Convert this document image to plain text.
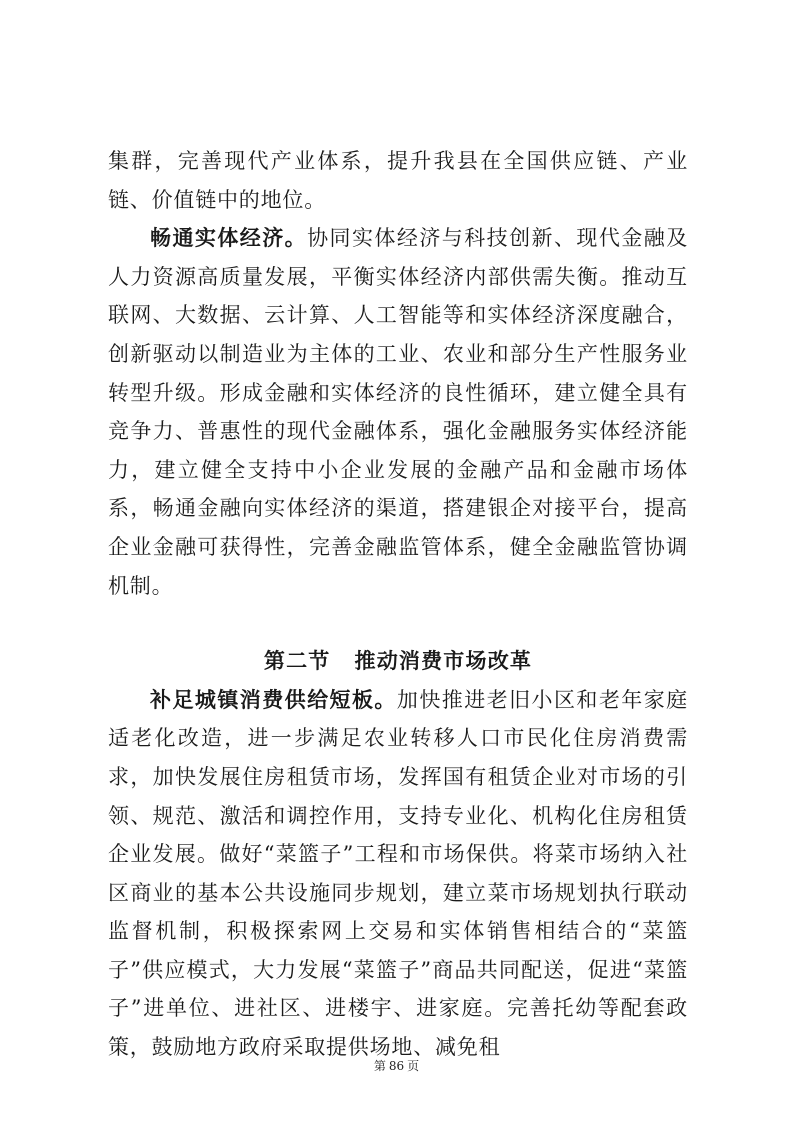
集群，完善现代产业体系，提升我县在全国供应链、产业链、价值链中的地位。

畅通实体经济。协同实体经济与科技创新、现代金融及人力资源高质量发展，平衡实体经济内部供需失衡。推动互联网、大数据、云计算、人工智能等和实体经济深度融合，创新驱动以制造业为主体的工业、农业和部分生产性服务业转型升级。形成金融和实体经济的良性循环，建立健全具有竞争力、普惠性的现代金融体系，强化金融服务实体经济能力，建立健全支持中小企业发展的金融产品和金融市场体系，畅通金融向实体经济的渠道，搭建银企对接平台，提高企业金融可获得性，完善金融监管体系，健全金融监管协调机制。

第二节 推动消费市场改革

补足城镇消费供给短板。加快推进老旧小区和老年家庭适老化改造，进一步满足农业转移人口市民化住房消费需求，加快发展住房租赁市场，发挥国有租赁企业对市场的引领、规范、激活和调控作用，支持专业化、机构化住房租赁企业发展。做好“菜篮子”工程和市场保供。将菜市场纳入社区商业的基本公共设施同步规划，建立菜市场规划执行联动监督机制，积极探索网上交易和实体销售相结合的“菜篮子”供应模式，大力发展“菜篮子”商品共同配送，促进“菜篮子”进单位、进社区、进楼宇、进家庭。完善托幼等配套政策，鼓励地方政府采取提供场地、减免租

第 86 页
